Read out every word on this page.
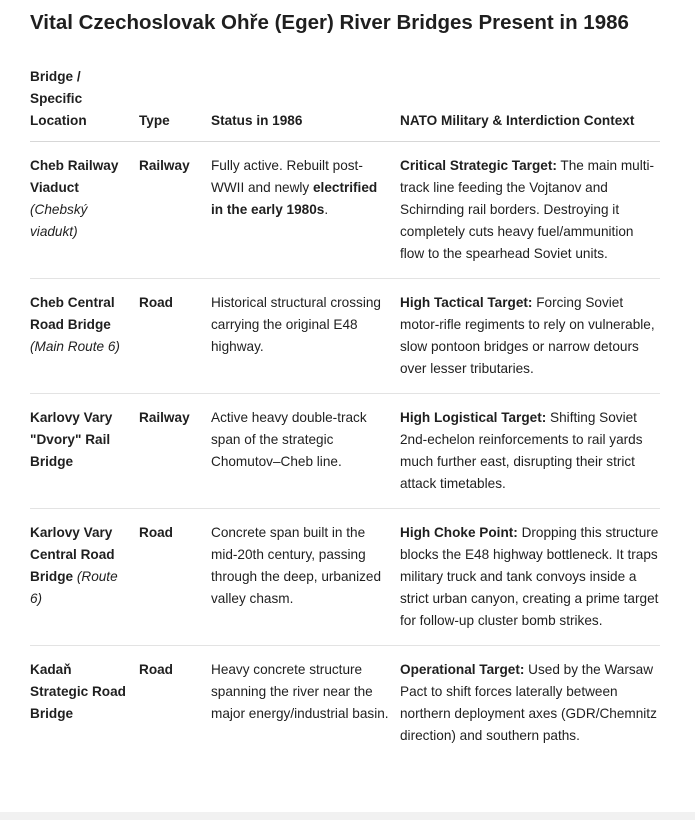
Vital Czechoslovak Ohře (Eger) River Bridges Present in 1986
Bridge / Specific Location	Type	Status in 1986	NATO Military & Interdiction Context
Cheb Railway Viaduct (Chebský viadukt)	Railway	Fully active. Rebuilt post-WWII and newly electrified in the early 1980s.	Critical Strategic Target: The main multi-track line feeding the Vojtanov and Schirnding rail borders. Destroying it completely cuts heavy fuel/ammunition flow to the spearhead Soviet units.
Cheb Central Road Bridge (Main Route 6)	Road	Historical structural crossing carrying the original E48 highway.	High Tactical Target: Forcing Soviet motor-rifle regiments to rely on vulnerable, slow pontoon bridges or narrow detours over lesser tributaries.
Karlovy Vary "Dvory" Rail Bridge	Railway	Active heavy double-track span of the strategic Chomutov–Cheb line.	High Logistical Target: Shifting Soviet 2nd-echelon reinforcements to rail yards much further east, disrupting their strict attack timetables.
Karlovy Vary Central Road Bridge (Route 6)	Road	Concrete span built in the mid-20th century, passing through the deep, urbanized valley chasm.	High Choke Point: Dropping this structure blocks the E48 highway bottleneck. It traps military truck and tank convoys inside a strict urban canyon, creating a prime target for follow-up cluster bomb strikes.
Kadaň Strategic Road Bridge	Road	Heavy concrete structure spanning the river near the major energy/industrial basin.	Operational Target: Used by the Warsaw Pact to shift forces laterally between northern deployment axes (GDR/Chemnitz direction) and southern paths.
